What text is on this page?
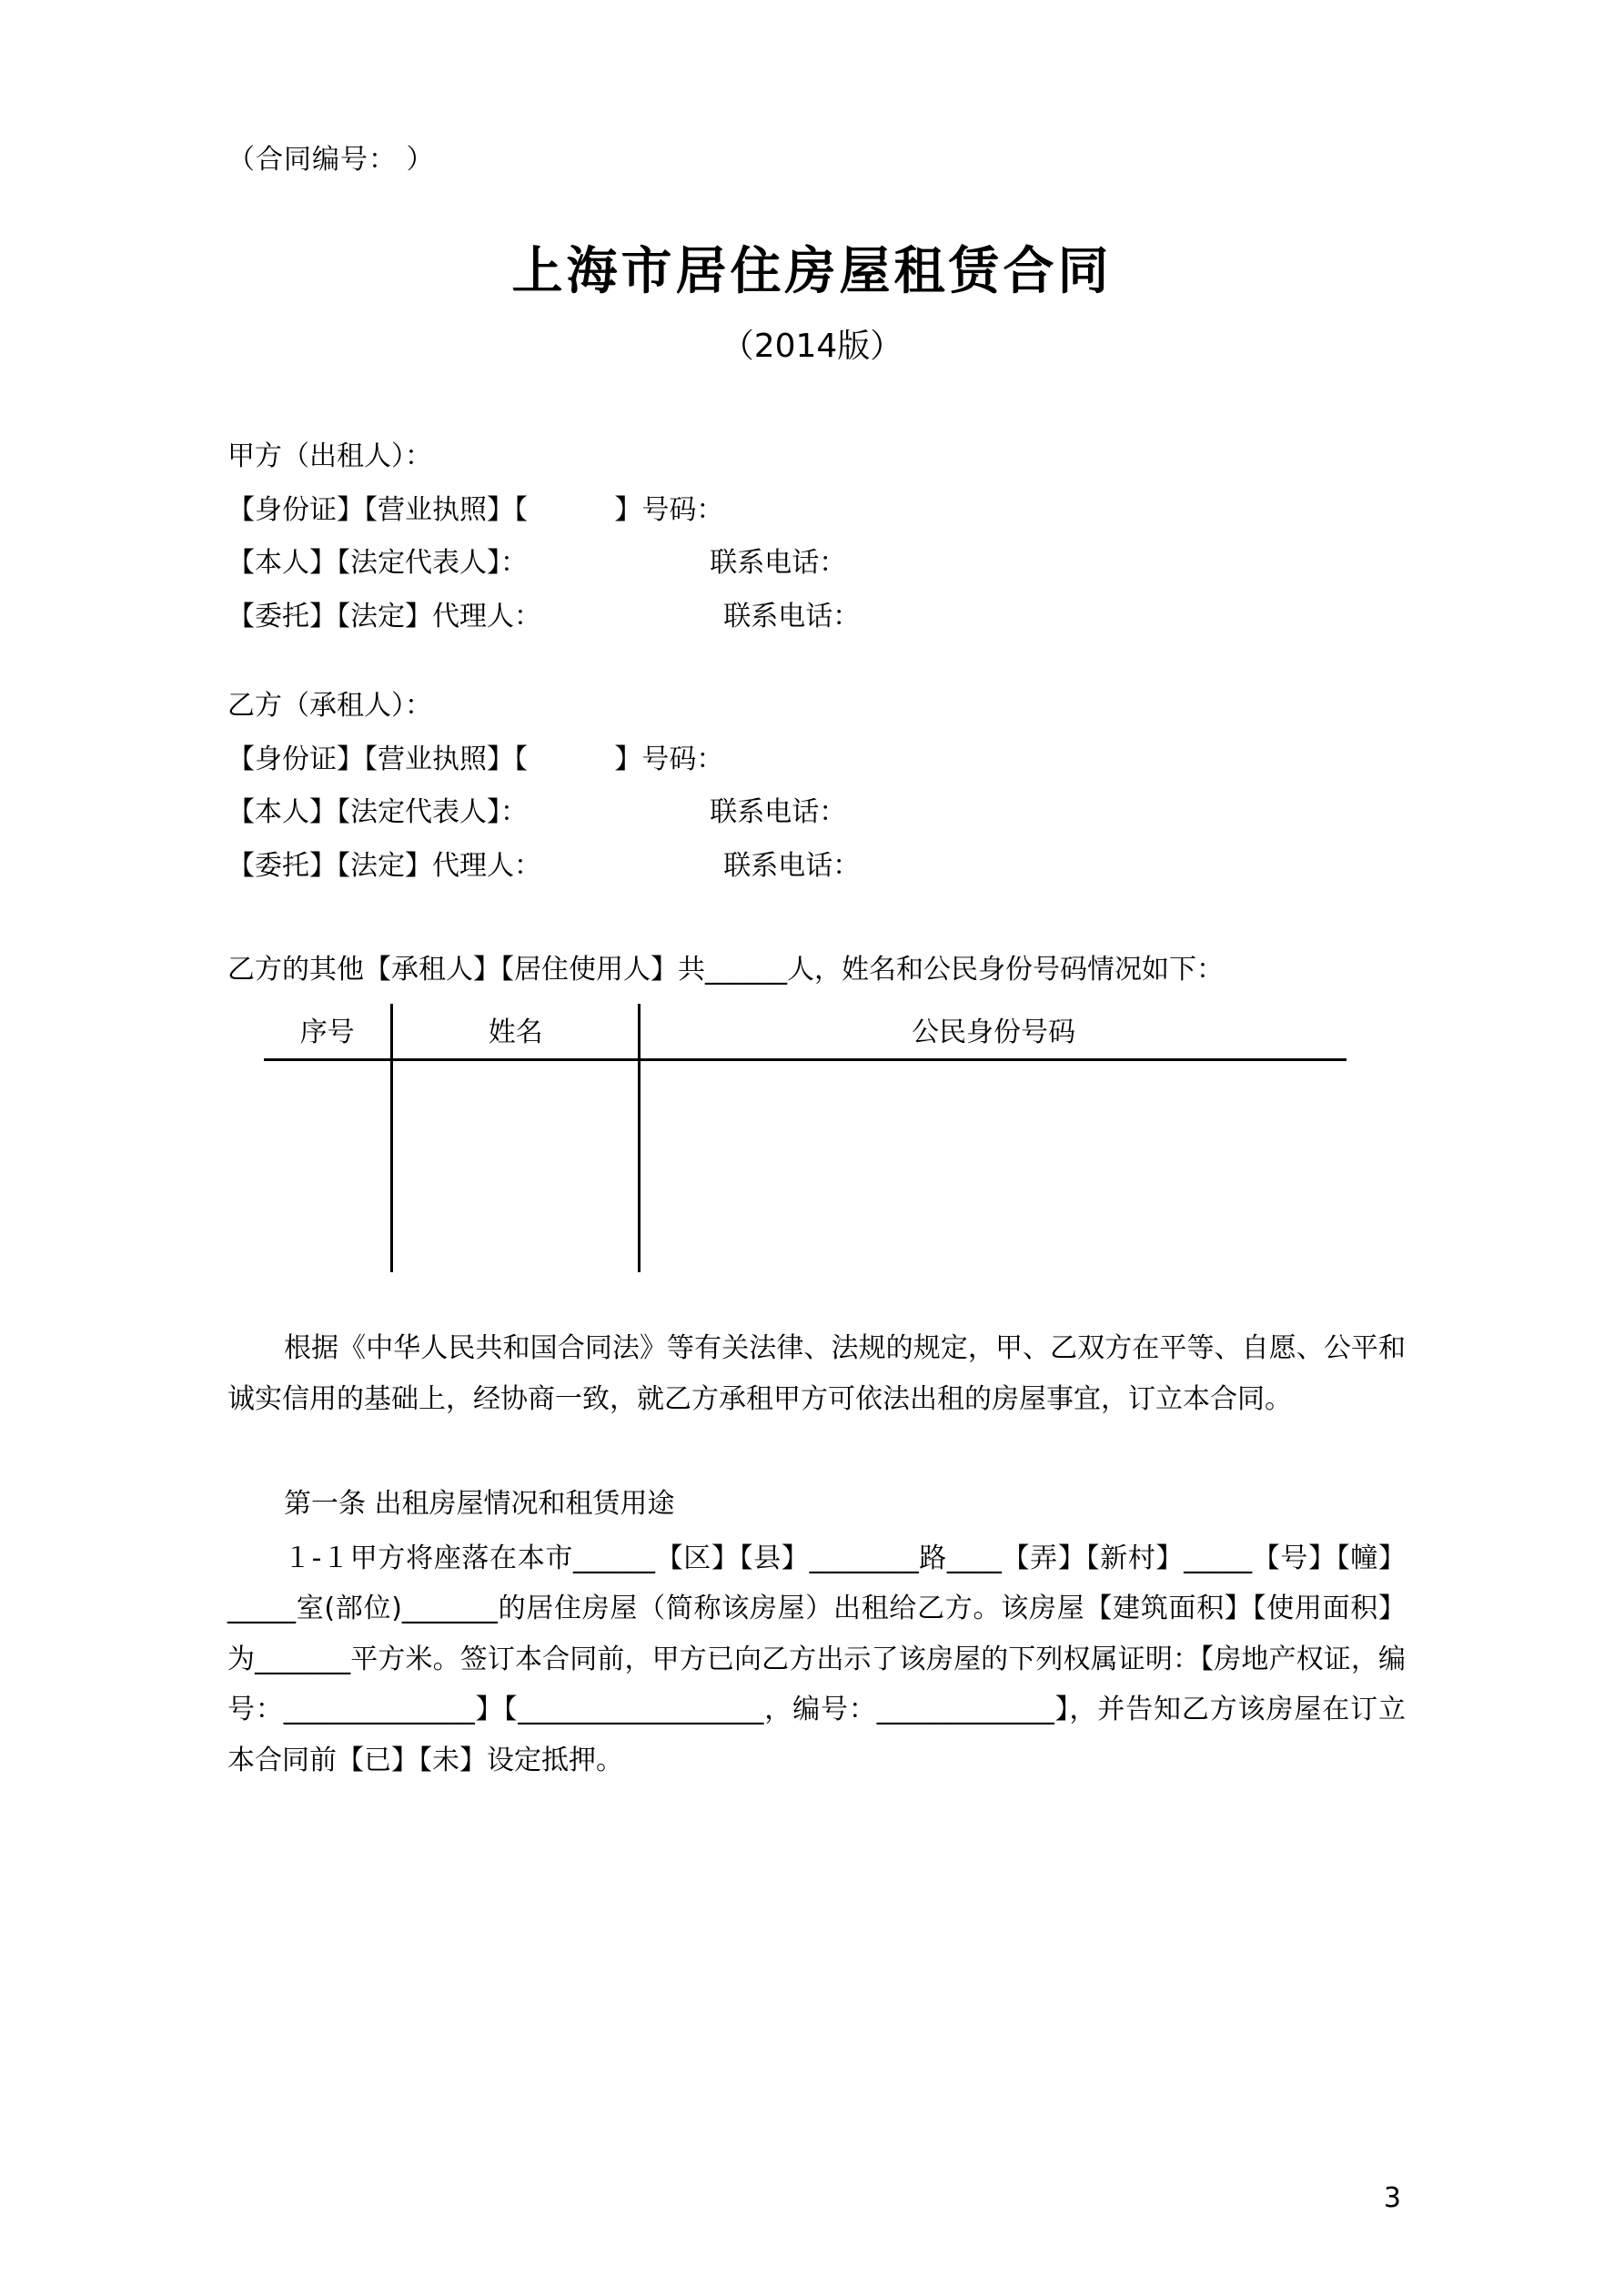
（合同编号： ）
上海市居住房屋租赁合同
（2014版）
甲方（出租人）：
【身份证】【营业执照】【          】号码：
【本人】【法定代表人】：                     联系电话：
【委托】【法定】代理人：                     联系电话：
乙方（承租人）：
【身份证】【营业执照】【          】号码：
【本人】【法定代表人】：                     联系电话：
【委托】【法定】代理人：                     联系电话：
乙方的其他【承租人】【居住使用人】共______人，姓名和公民身份号码情况如下：
序号	姓名	公民身份号码

根据《中华人民共和国合同法》等有关法律、法规的规定，甲、乙双方在平等、自愿、公平和诚实信用的基础上，经协商一致，就乙方承租甲方可依法出租的房屋事宜，订立本合同。
第一条 出租房屋情况和租赁用途
１-１甲方将座落在本市______【区】【县】________路____【弄】【新村】_____【号】【幢】_____室(部位)_______的居住房屋（简称该房屋）出租给乙方。该房屋【建筑面积】【使用面积】为_______平方米。签订本合同前，甲方已向乙方出示了该房屋的下列权属证明：【房地产权证，编号：______________】【__________________，编号：_____________】，并告知乙方该房屋在订立本合同前【已】【未】设定抵押。
3
